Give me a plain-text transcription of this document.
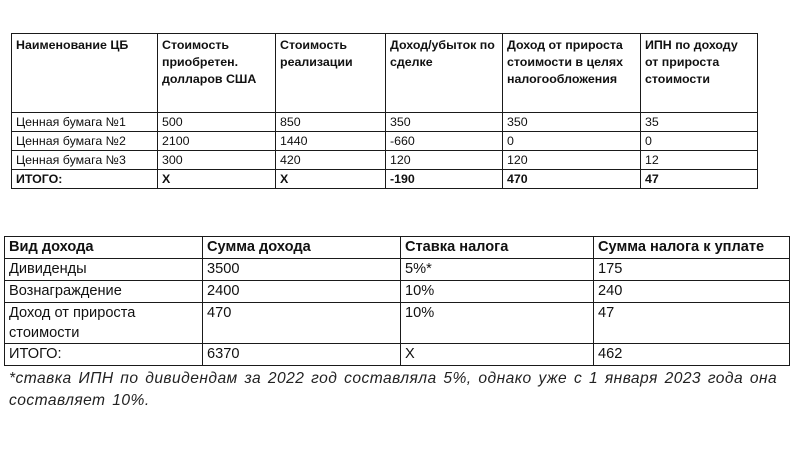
Наименование ЦБ	Стоимость приобретен. долларов США	Стоимость реализации	Доход/убыток по сделке	Доход от прироста стоимости в целях налогообложения	ИПН по доходу от прироста стоимости
Ценная бумага №1	500	850	350	350	35
Ценная бумага №2	2100	1440	-660	0	0
Ценная бумага №3	300	420	120	120	12
ИТОГО:	Х	Х	-190	470	47
Вид дохода	Сумма дохода	Ставка налога	Сумма налога к уплате
Дивиденды	3500	5%*	175
Вознаграждение	2400	10%	240
Доход от прироста стоимости	470	10%	47
ИТОГО:	6370	Х	462
*ставка ИПН по дивидендам за 2022 год составляла 5%, однако уже с 1 января 2023 года она составляет 10%.
